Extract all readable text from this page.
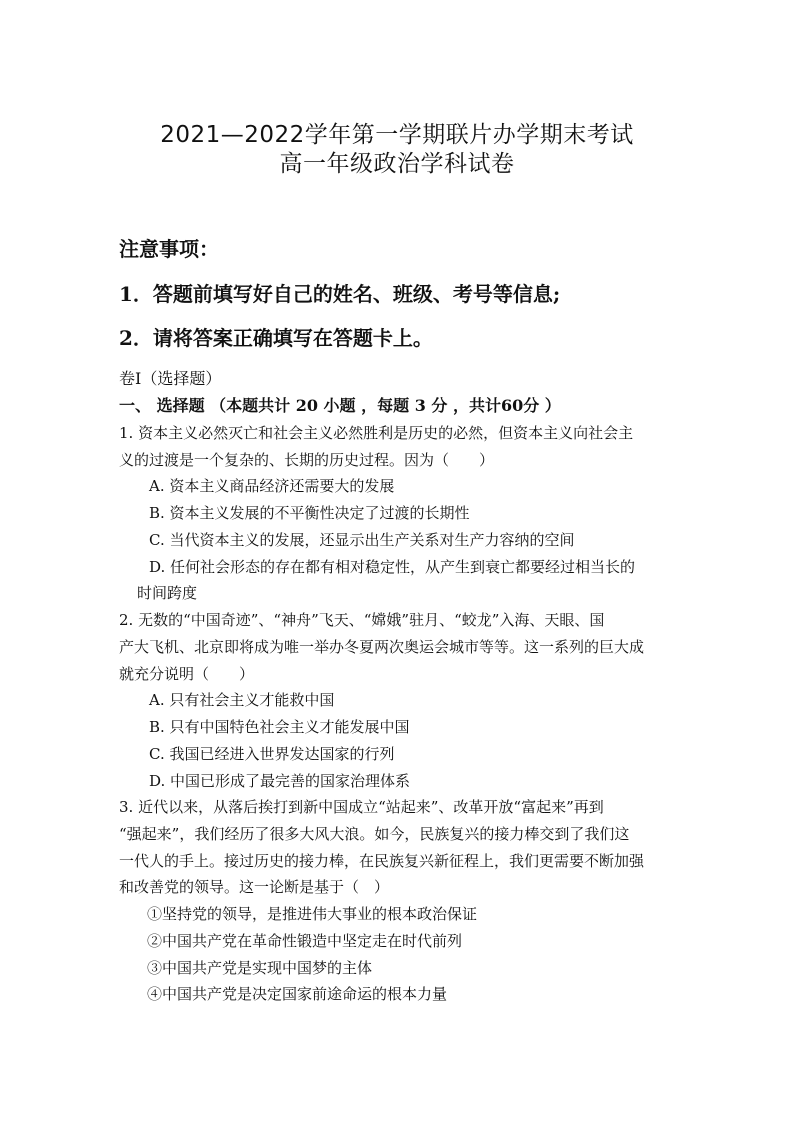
2021—2022学年第一学期联片办学期末考试
高一年级政治学科试卷
注意事项：
1．答题前填写好自己的姓名、班级、考号等信息;
2．请将答案正确填写在答题卡上。
卷I（选择题）
一、 选择题 （本题共计 20 小题 ，每题 3 分 ，共计60分 ）
1. 资本主义必然灭亡和社会主义必然胜利是历史的必然，但资本主义向社会主
义的过渡是一个复杂的、长期的历史过程。因为（　　）
A. 资本主义商品经济还需要大的发展
B. 资本主义发展的不平衡性决定了过渡的长期性
C. 当代资本主义的发展，还显示出生产关系对生产力容纳的空间
D. 任何社会形态的存在都有相对稳定性，从产生到衰亡都要经过相当长的
时间跨度
2. 无数的“中国奇迹”、“神舟”飞天、“嫦娥”驻月、“蛟龙”入海、天眼、国
产大飞机、北京即将成为唯一举办冬夏两次奥运会城市等等。这一系列的巨大成
就充分说明（　　）
A. 只有社会主义才能救中国
B. 只有中国特色社会主义才能发展中国
C. 我国已经进入世界发达国家的行列
D. 中国已形成了最完善的国家治理体系
3. 近代以来，从落后挨打到新中国成立“站起来”、改革开放“富起来”再到
“强起来”，我们经历了很多大风大浪。如今，民族复兴的接力棒交到了我们这
一代人的手上。接过历史的接力棒，在民族复兴新征程上，我们更需要不断加强
和改善党的领导。这一论断是基于（　）
①坚持党的领导，是推进伟大事业的根本政治保证
②中国共产党在革命性锻造中坚定走在时代前列
③中国共产党是实现中国梦的主体
④中国共产党是决定国家前途命运的根本力量
